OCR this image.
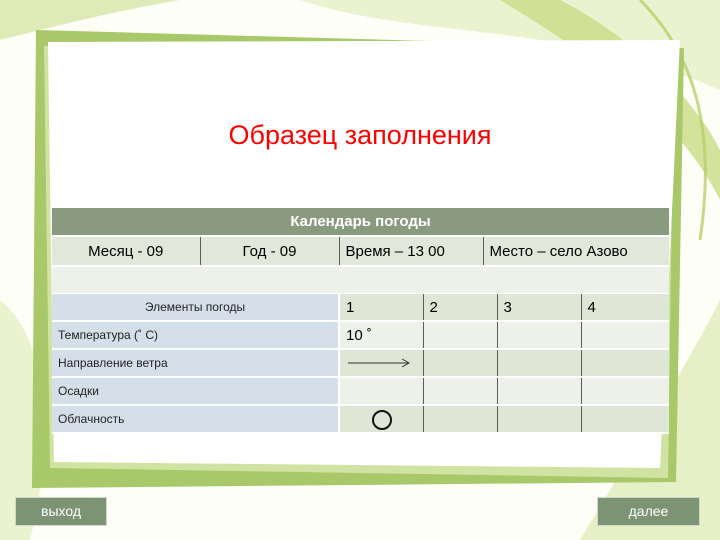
Образец заполнения
Календарь погоды
Месяц - 09	Год - 09	Время – 13 00	Место – село Азово

Элементы погоды	1	2	3	4
Температура (˚ С)	10 ˚			
Направление ветра	

Осадки				
Облачность	

выход	далее
